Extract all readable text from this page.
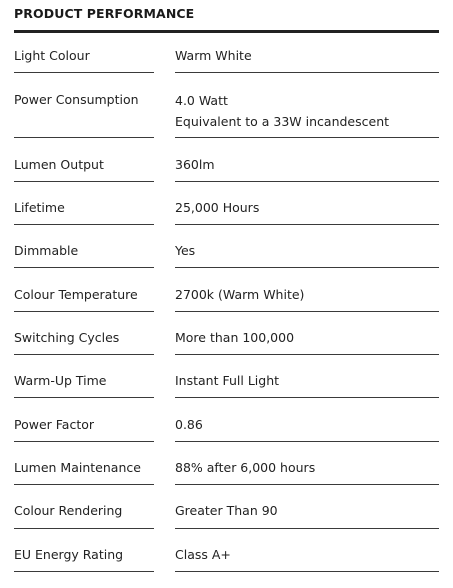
PRODUCT PERFORMANCE
Light Colour	Warm White
Power Consumption	4.0 Watt
Equivalent to a 33W incandescent
Lumen Output	360lm
Lifetime	25,000 Hours
Dimmable	Yes
Colour Temperature	2700k (Warm White)
Switching Cycles	More than 100,000
Warm-Up Time	Instant Full Light
Power Factor	0.86
Lumen Maintenance	88% after 6,000 hours
Colour Rendering	Greater Than 90
EU Energy Rating	Class A+
